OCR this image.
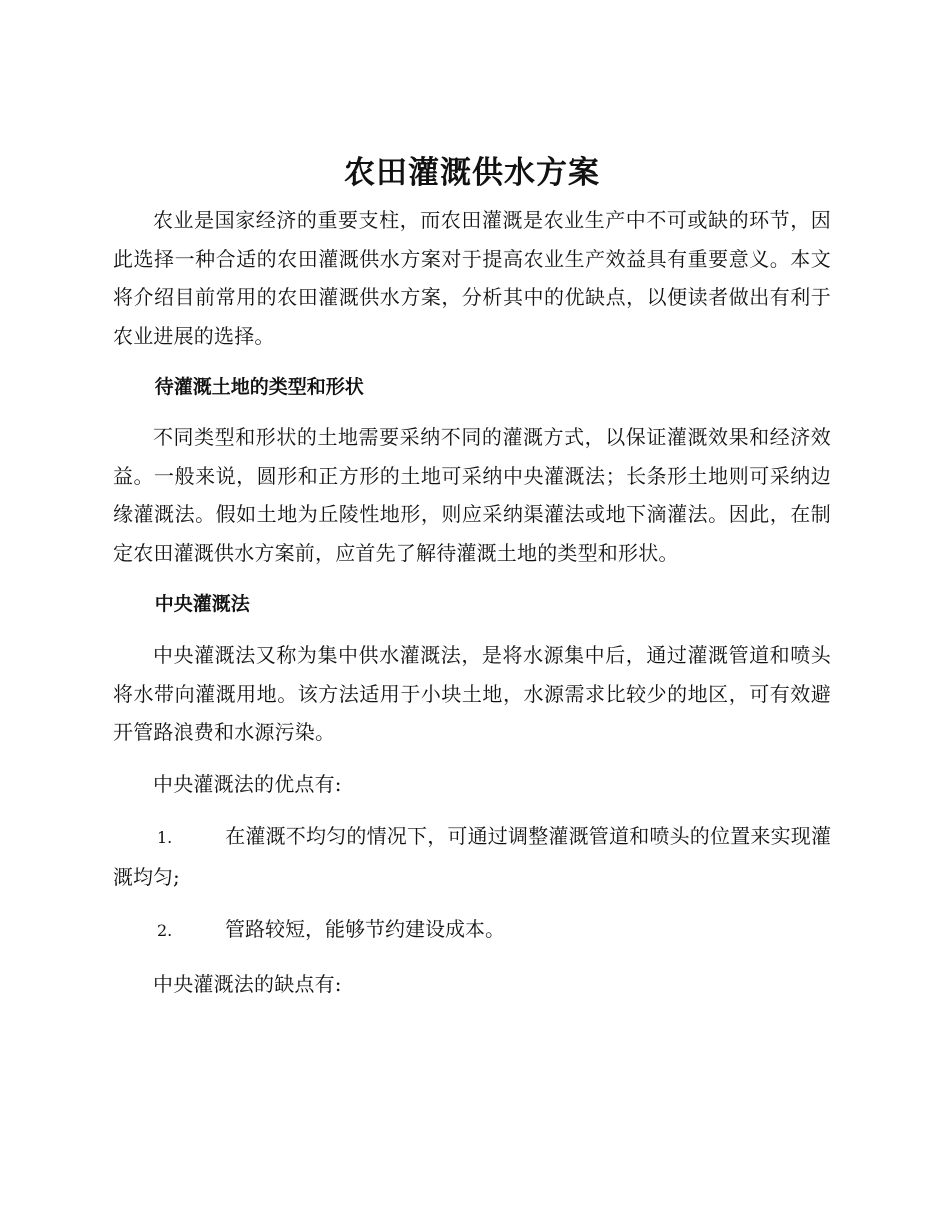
农田灌溉供水方案

农业是国家经济的重要支柱，而农田灌溉是农业生产中不可或缺的环节，因此选择一种合适的农田灌溉供水方案对于提高农业生产效益具有重要意义。本文将介绍目前常用的农田灌溉供水方案，分析其中的优缺点，以便读者做出有利于农业进展的选择。

待灌溉土地的类型和形状

不同类型和形状的土地需要采纳不同的灌溉方式，以保证灌溉效果和经济效益。一般来说，圆形和正方形的土地可采纳中央灌溉法；长条形土地则可采纳边缘灌溉法。假如土地为丘陵性地形，则应采纳渠灌法或地下滴灌法。因此，在制定农田灌溉供水方案前，应首先了解待灌溉土地的类型和形状。

中央灌溉法

中央灌溉法又称为集中供水灌溉法，是将水源集中后，通过灌溉管道和喷头将水带向灌溉用地。该方法适用于小块土地，水源需求比较少的地区，可有效避开管路浪费和水源污染。

中央灌溉法的优点有:

1.	在灌溉不均匀的情况下，可通过调整灌溉管道和喷头的位置来实现灌溉均匀;

2.	管路较短，能够节约建设成本。

中央灌溉法的缺点有:
